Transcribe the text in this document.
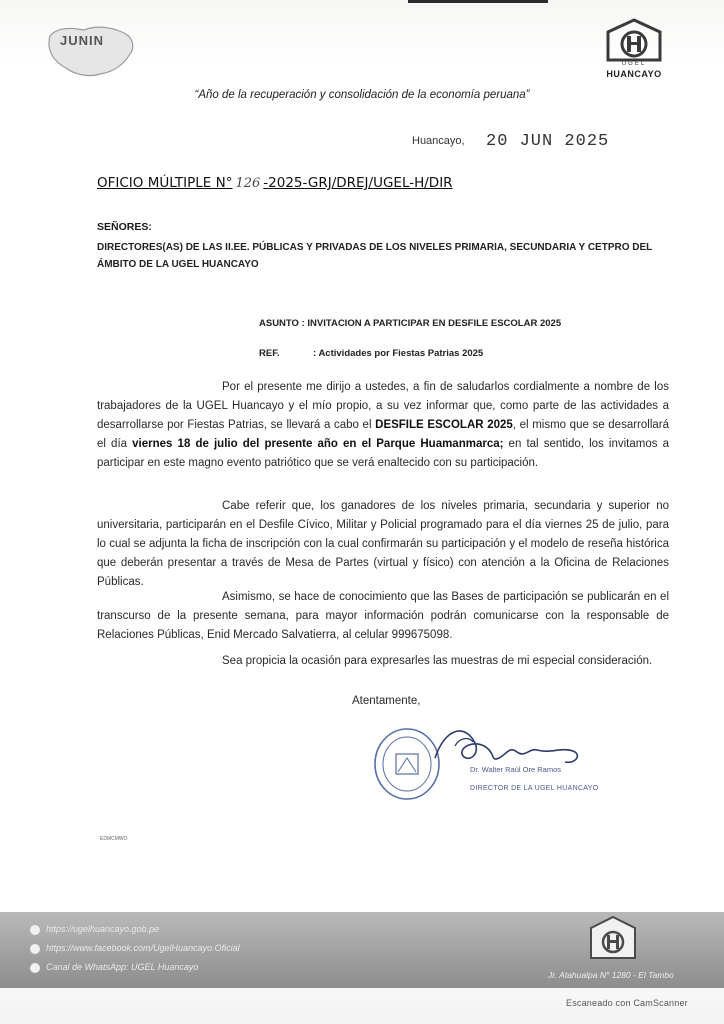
JUNIN
UGEL
HUANCAYO
“Año de la recuperación y consolidación de la economía peruana”
Huancayo, 20 JUN 2025
OFICIO MÚLTIPLE N° 126 -2025-GRJ/DREJ/UGEL-H/DIR
SEÑORES:
DIRECTORES(AS) DE LAS II.EE. PÚBLICAS Y PRIVADAS DE LOS NIVELES PRIMARIA, SECUNDARIA Y CETPRO DEL ÁMBITO DE LA UGEL HUANCAYO
ASUNTO : INVITACION A PARTICIPAR EN DESFILE ESCOLAR 2025
REF.	: Actividades por Fiestas Patrias 2025
Por el presente me dirijo a ustedes, a fin de saludarlos cordialmente a nombre de los trabajadores de la UGEL Huancayo y el mío propio, a su vez informar que, como parte de las actividades a desarrollarse por Fiestas Patrias, se llevará a cabo el DESFILE ESCOLAR 2025, el mismo que se desarrollará el día viernes 18 de julio del presente año en el Parque Huamanmarca; en tal sentido, los invitamos a participar en este magno evento patriótico que se verá enaltecido con su participación.
Cabe referir que, los ganadores de los niveles primaria, secundaria y superior no universitaria, participarán en el Desfile Cívico, Militar y Policial programado para el día viernes 25 de julio, para lo cual se adjunta la ficha de inscripción con la cual confirmarán su participación y el modelo de reseña histórica que deberán presentar a través de Mesa de Partes (virtual y físico) con atención a la Oficina de Relaciones Públicas.
Asimismo, se hace de conocimiento que las Bases de participación se publicarán en el transcurso de la presente semana, para mayor información podrán comunicarse con la responsable de Relaciones Públicas, Enid Mercado Salvatierra, al celular 999675098.
Sea propicia la ocasión para expresarles las muestras de mi especial consideración.
Atentamente,
Dr. Walter Raúl Ore Ramos
DIRECTOR DE LA UGEL HUANCAYO
EDMCMWO
https://ugelhuancayo.gob.pe
https://www.facebook.com/UgelHuancayo.Oficial
Canal de WhatsApp: UGEL Huancayo
Jr. Atahualpa N° 1280 - El Tambo
Escaneado con CamScanner
